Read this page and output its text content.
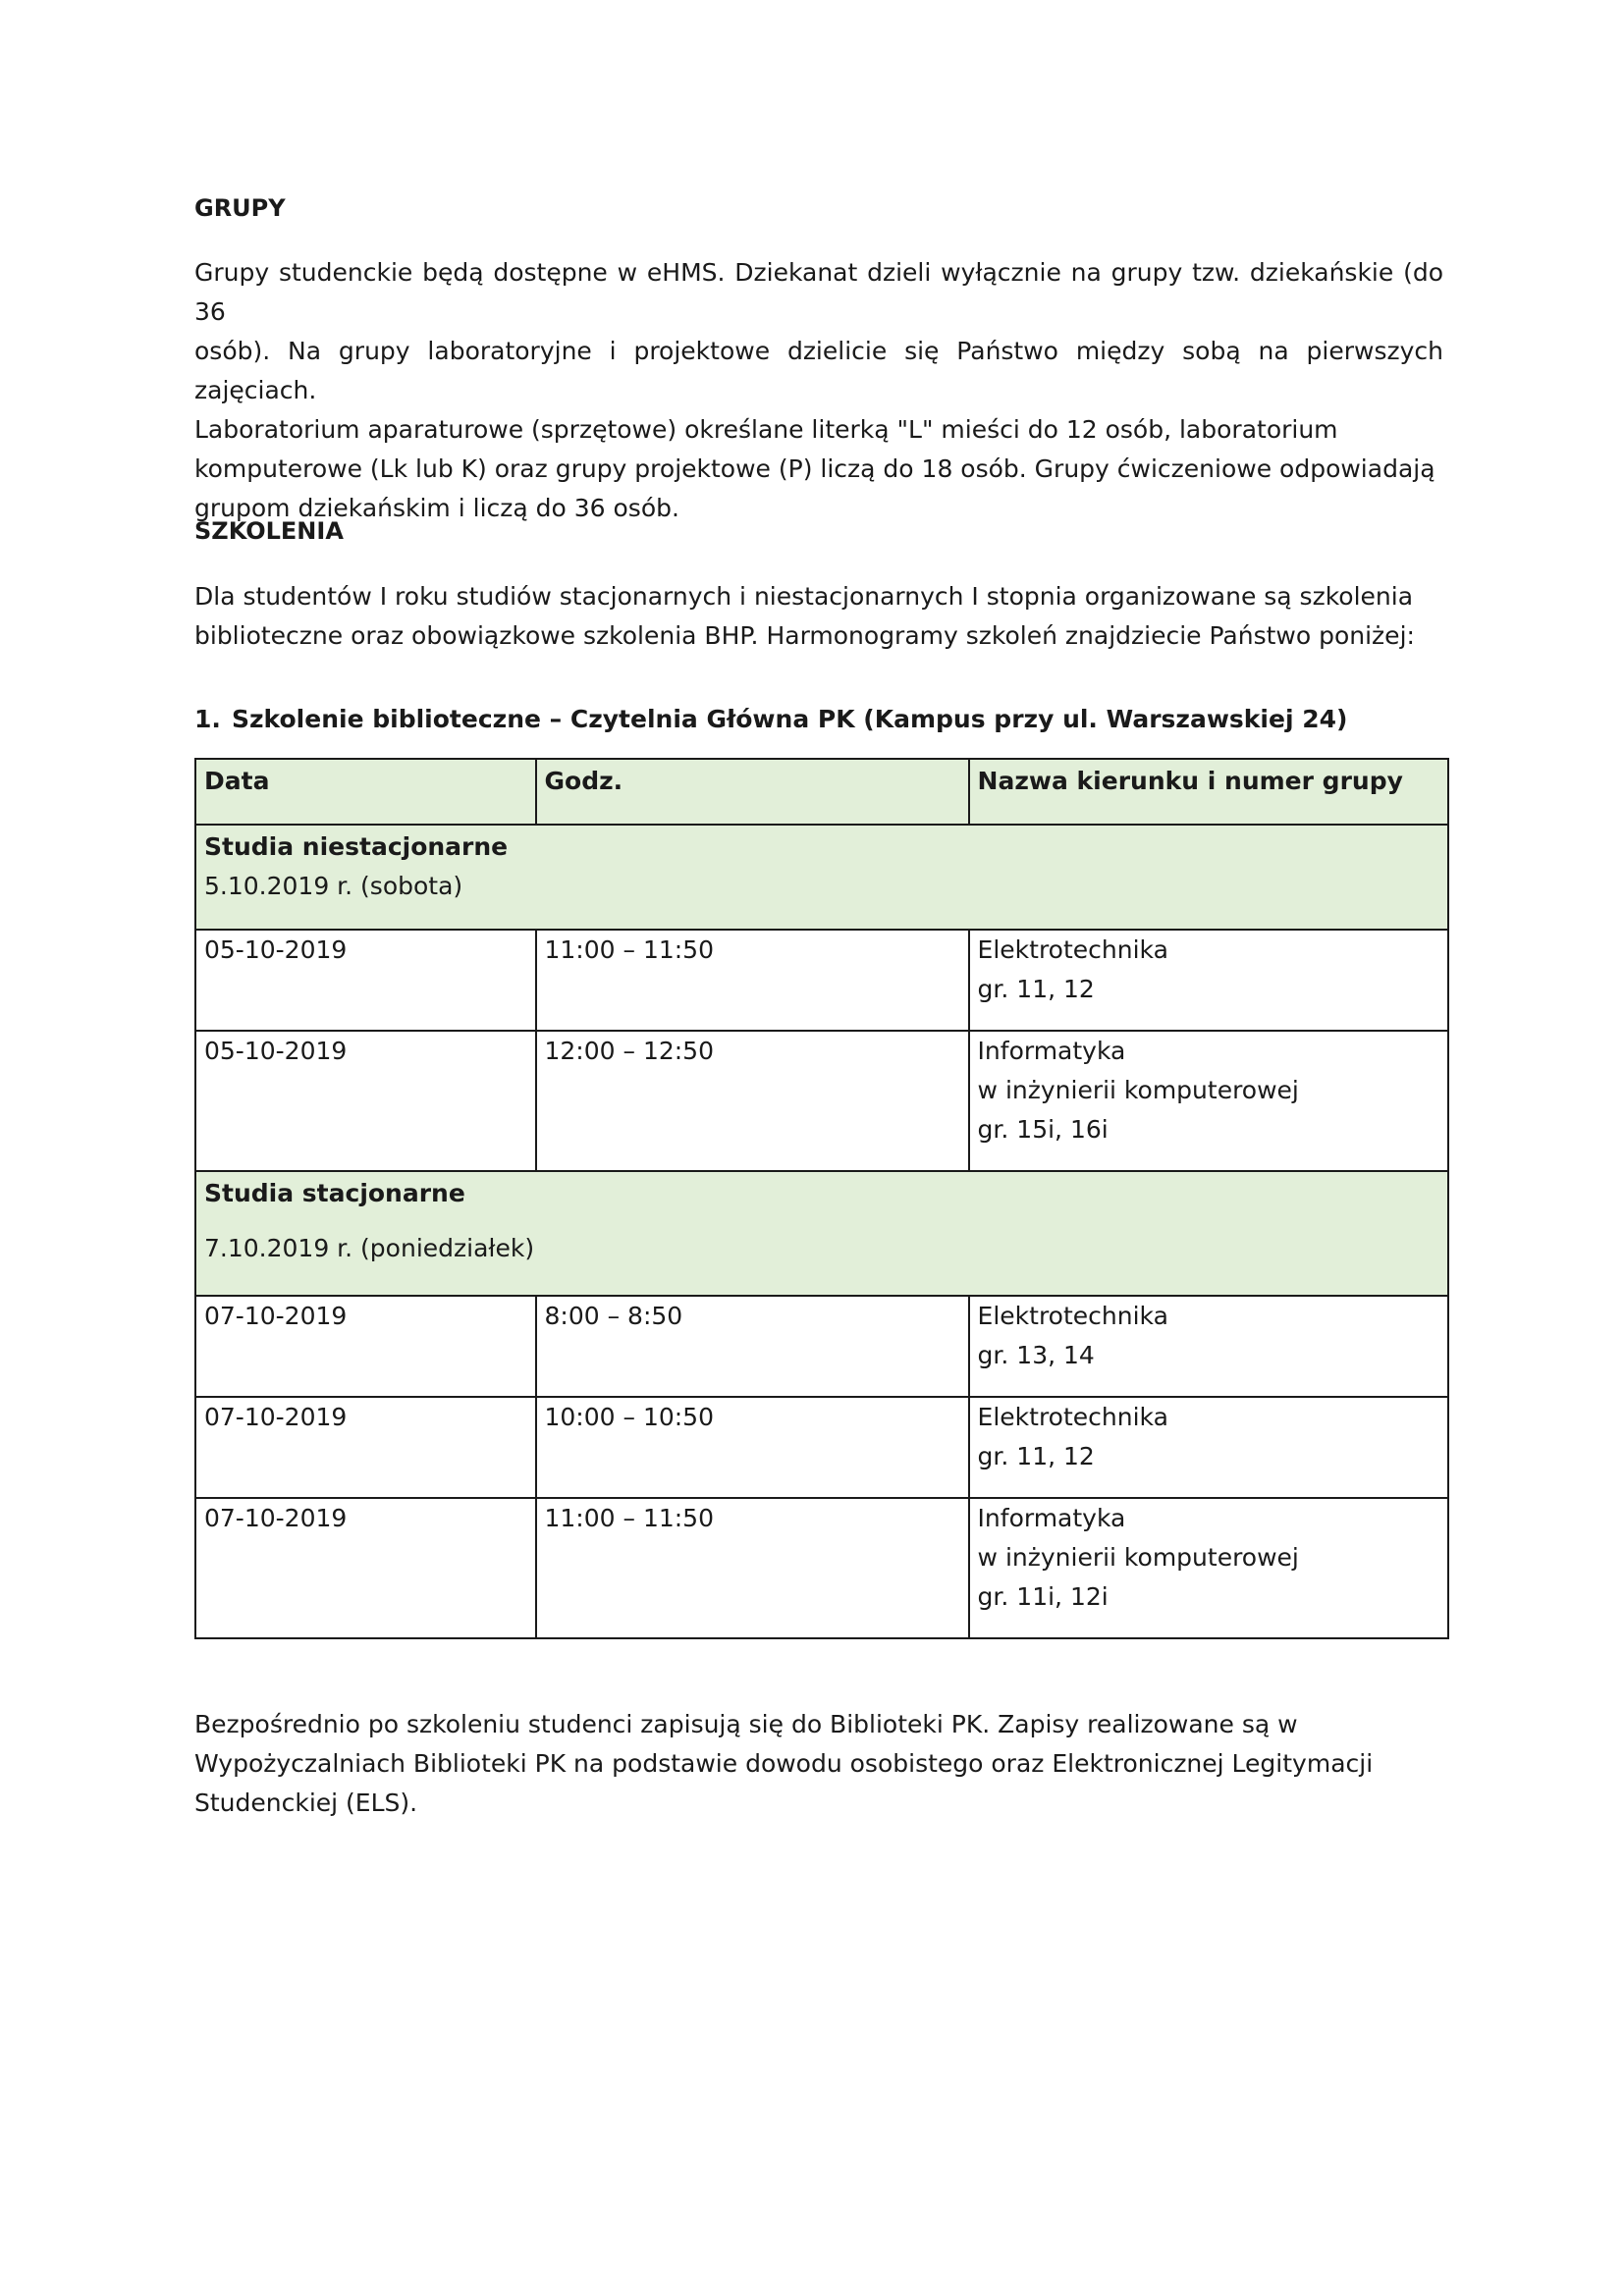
GRUPY

Grupy studenckie będą dostępne w eHMS. Dziekanat dzieli wyłącznie na grupy tzw. dziekańskie (do 36
osób). Na grupy laboratoryjne i projektowe dzielicie się Państwo między sobą na pierwszych zajęciach.
Laboratorium aparaturowe (sprzętowe) określane literką "L" mieści do 12 osób, laboratorium
komputerowe (Lk lub K) oraz grupy projektowe (P) liczą do 18 osób. Grupy ćwiczeniowe odpowiadają
grupom dziekańskim i liczą do 36 osób.

SZKOLENIA

Dla studentów I roku studiów stacjonarnych i niestacjonarnych I stopnia organizowane są szkolenia
biblioteczne oraz obowiązkowe szkolenia BHP. Harmonogramy szkoleń znajdziecie Państwo poniżej:

1. Szkolenie biblioteczne – Czytelnia Główna PK (Kampus przy ul. Warszawskiej 24)
Data	Godz.	Nazwa kierunku i numer grupy

Studia niestacjonarne
5.10.2019 r. (sobota)		

05-10-2019	11:00 – 11:50	Elektrotechnika
gr. 11, 12

05-10-2019	12:00 – 12:50	Informatyka
w inżynierii komputerowej
gr. 15i, 16i

Studia stacjonarne
7.10.2019 r. (poniedziałek)		

07-10-2019	8:00 – 8:50	Elektrotechnika
gr. 13, 14

07-10-2019	10:00 – 10:50	Elektrotechnika
gr. 11, 12

07-10-2019	11:00 – 11:50	Informatyka
w inżynierii komputerowej
gr. 11i, 12i

Bezpośrednio po szkoleniu studenci zapisują się do Biblioteki PK. Zapisy realizowane są w
Wypożyczalniach Biblioteki PK na podstawie dowodu osobistego oraz Elektronicznej Legitymacji
Studenckiej (ELS).
